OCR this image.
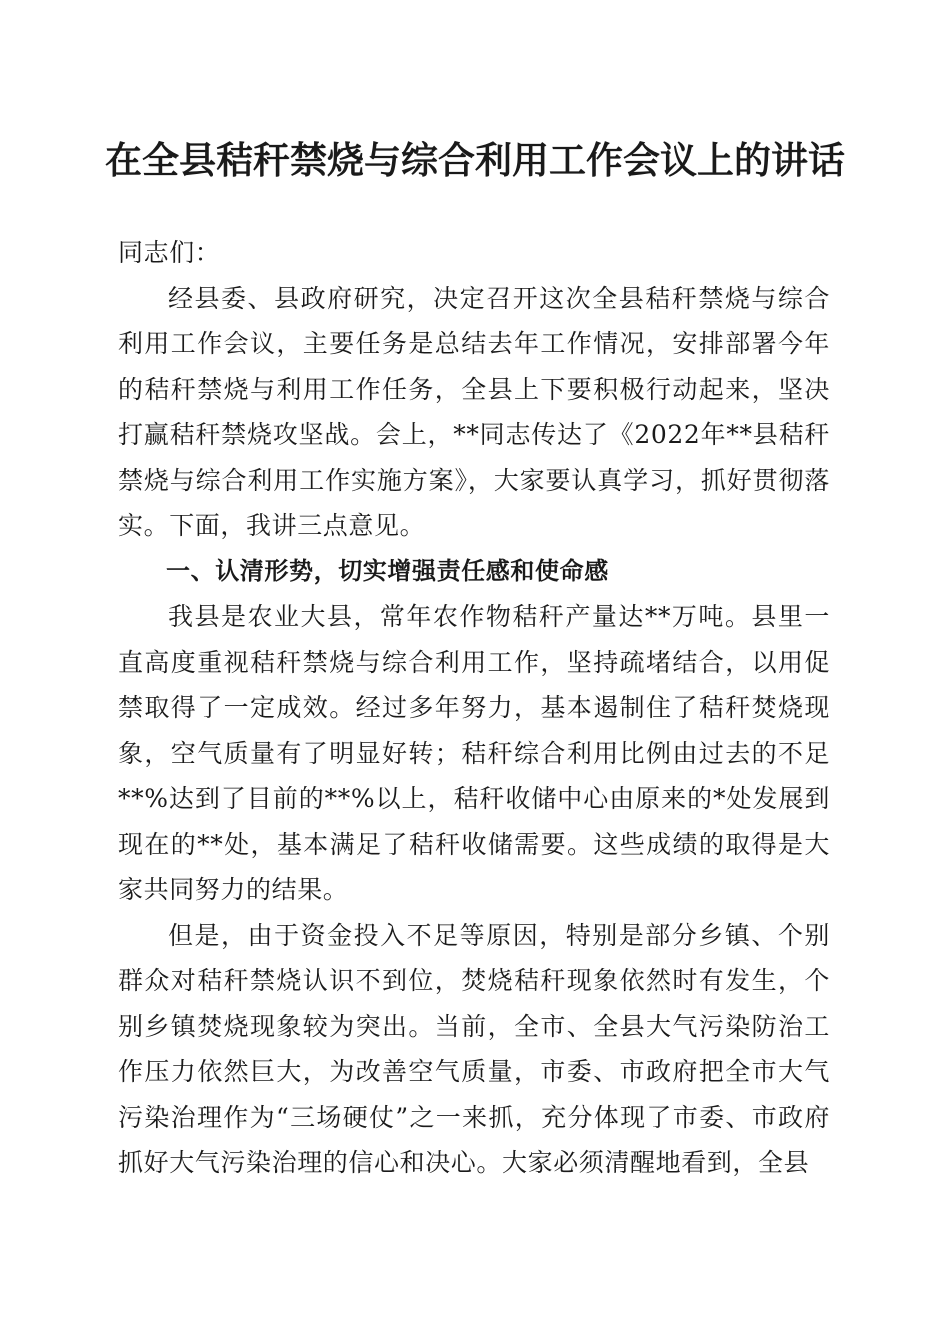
在全县秸秆禁烧与综合利用工作会议上的讲话

同志们：

经县委、县政府研究，决定召开这次全县秸秆禁烧与综合利用工作会议，主要任务是总结去年工作情况，安排部署今年的秸秆禁烧与利用工作任务，全县上下要积极行动起来，坚决打赢秸秆禁烧攻坚战。会上，**同志传达了《2022年**县秸秆禁烧与综合利用工作实施方案》，大家要认真学习，抓好贯彻落实。下面，我讲三点意见。

一、认清形势，切实增强责任感和使命感

我县是农业大县，常年农作物秸秆产量达**万吨。县里一直高度重视秸秆禁烧与综合利用工作，坚持疏堵结合，以用促禁取得了一定成效。经过多年努力，基本遏制住了秸秆焚烧现象，空气质量有了明显好转；秸秆综合利用比例由过去的不足**%达到了目前的**%以上，秸秆收储中心由原来的*处发展到现在的**处，基本满足了秸秆收储需要。这些成绩的取得是大家共同努力的结果。

但是，由于资金投入不足等原因，特别是部分乡镇、个别群众对秸秆禁烧认识不到位，焚烧秸秆现象依然时有发生，个别乡镇焚烧现象较为突出。当前，全市、全县大气污染防治工作压力依然巨大，为改善空气质量，市委、市政府把全市大气污染治理作为“三场硬仗”之一来抓，充分体现了市委、市政府抓好大气污染治理的信心和决心。大家必须清醒地看到，全县
